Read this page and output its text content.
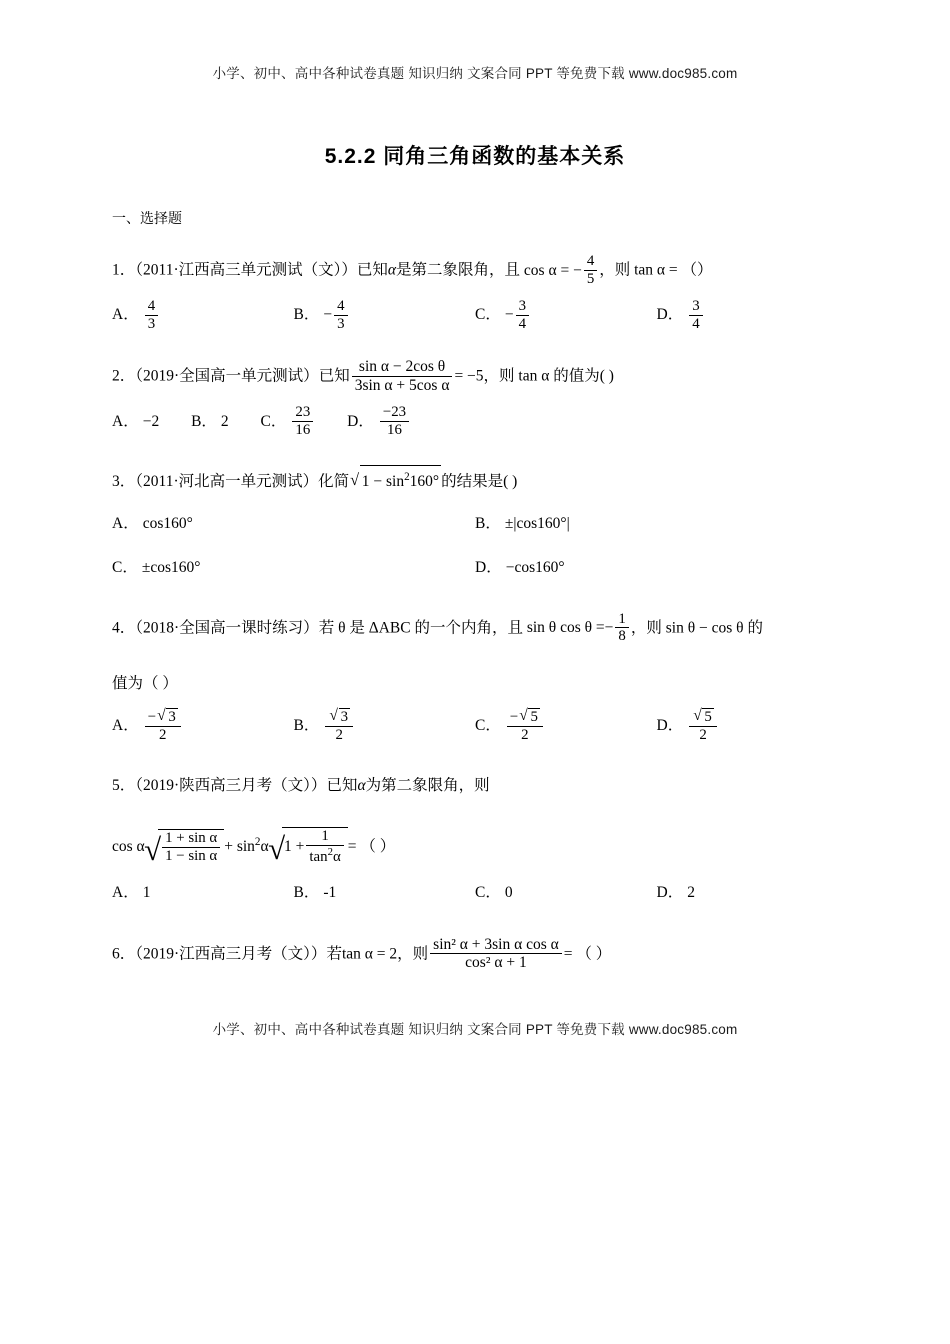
小学、初中、高中各种试卷真题 知识归纳 文案合同 PPT 等免费下载 www.doc985.com
5.2.2 同角三角函数的基本关系
一、选择题
1．（2011·江西高三单元测试（文））已知α是第二象限角，且 cos α = − $\frac{4}{5}$ ，则 tan α = （）
A． $\frac{4}{3}$	B． − $\frac{4}{3}$	C． − $\frac{3}{4}$	D． $\frac{3}{4}$
2．（2019·全国高一单元测试）已知 $\frac{\text{sin α − 2cos θ}}{\text{3sin α + 5cos α}} = -5$，则 tan α 的值为( )
A． −2 B． 2 C． $\frac{23}{16}$ D． $\frac{-23}{16}$
3．（2011·河北高一单元测试）化简 √ $1 - \sin^2160^\circ$ 的结果是( )
A． cos160°	B． ±|cos160°|
C． ±cos160°	D． −cos160°
4．（2018·全国高一课时练习）若 θ 是 ΔABC 的一个内角，且 sin θ $\cos \theta =- \frac{1}{8}$ ，则 sin θ − cos θ 的
值为（ ）
A． $\frac{- √ 3}{2}$	B． √ $\frac{3}{2}$	C． $\frac{- √ 5}{2}$	D． √ $\frac{5}{2}$
5．（2019·陕西高三月考（文））已知α为第二象限角，则
cos α √ $\frac{\text{1 + sin α}}{\text{1 − sin α}} + \sin^2\alpha$ √ $1 + \frac{1}{\tan^2\alpha}$ = （ ）
A． 1	B． -1	C． 0	D． 2
6．（2019·江西高三月考（文））若tan α = 2，则 $\frac{\text{sin² α + 3sin α cos α}}{\text{cos² α + 1}}$ = （ ）
小学、初中、高中各种试卷真题 知识归纳 文案合同 PPT 等免费下载 www.doc985.com
